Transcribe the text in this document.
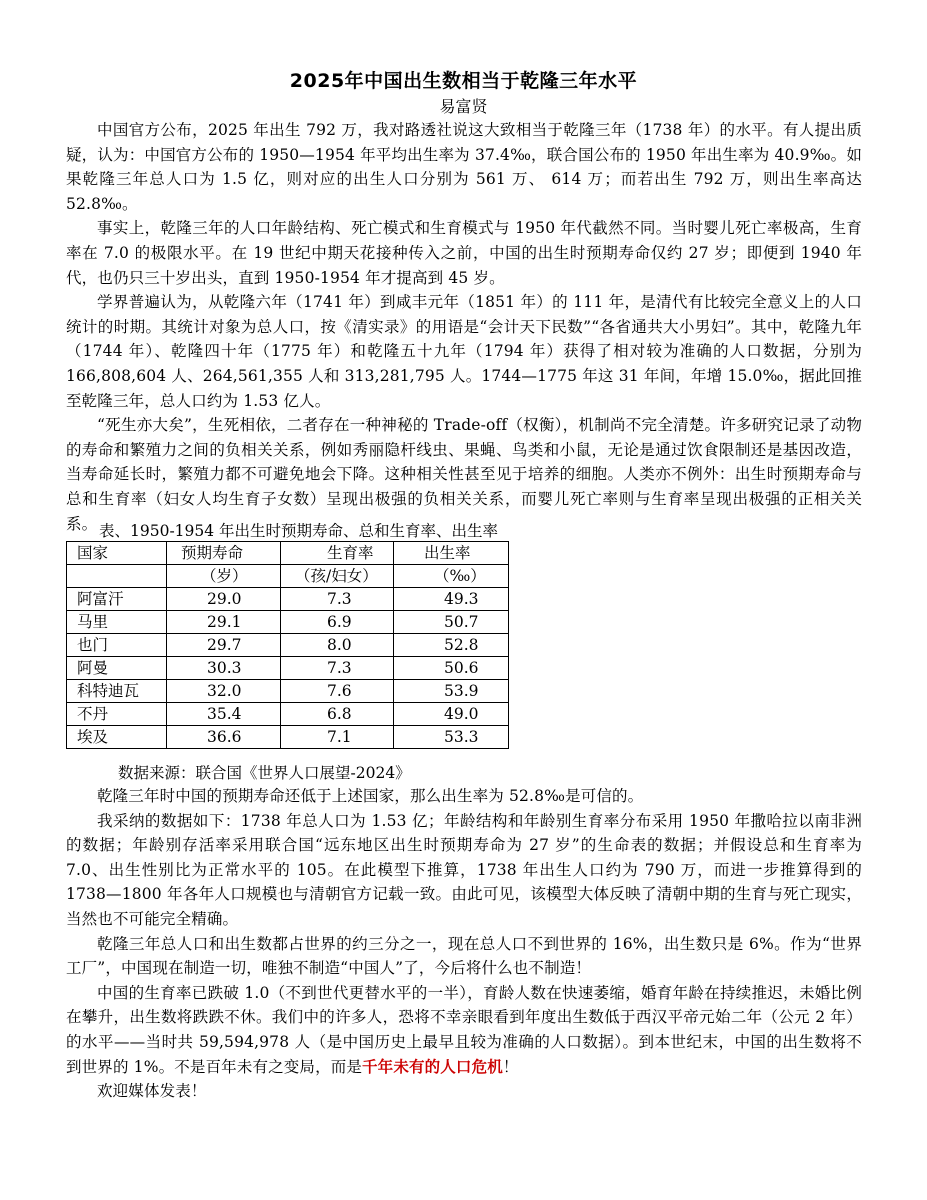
2025年中国出生数相当于乾隆三年水平
易富贤

中国官方公布，2025 年出生 792 万，我对路透社说这大致相当于乾隆三年（1738 年）的水平。有人提出质疑，认为：中国官方公布的 1950—1954 年平均出生率为 37.4‰，联合国公布的 1950 年出生率为 40.9‰。如果乾隆三年总人口为 1.5 亿，则对应的出生人口分别为 561 万、 614 万；而若出生 792 万，则出生率高达 52.8‰。

事实上，乾隆三年的人口年龄结构、死亡模式和生育模式与 1950 年代截然不同。当时婴儿死亡率极高，生育率在 7.0 的极限水平。在 19 世纪中期天花接种传入之前，中国的出生时预期寿命仅约 27 岁；即便到 1940 年代，也仍只三十岁出头，直到 1950-1954 年才提高到 45 岁。

学界普遍认为，从乾隆六年（1741 年）到咸丰元年（1851 年）的 111 年，是清代有比较完全意义上的人口统计的时期。其统计对象为总人口，按《清实录》的用语是“会计天下民数”“各省通共大小男妇”。其中，乾隆九年（1744 年）、乾隆四十年（1775 年）和乾隆五十九年（1794 年）获得了相对较为准确的人口数据，分别为 166,808,604 人、264,561,355 人和 313,281,795 人。1744—1775 年这 31 年间，年增 15.0‰，据此回推至乾隆三年，总人口约为 1.53 亿人。

“死生亦大矣”，生死相依，二者存在一种神秘的 Trade-off（权衡），机制尚不完全清楚。许多研究记录了动物的寿命和繁殖力之间的负相关关系，例如秀丽隐杆线虫、果蝇、鸟类和小鼠，无论是通过饮食限制还是基因改造，当寿命延长时，繁殖力都不可避免地会下降。这种相关性甚至见于培养的细胞。人类亦不例外：出生时预期寿命与总和生育率（妇女人均生育子女数）呈现出极强的负相关关系，而婴儿死亡率则与生育率呈现出极强的正相关关系。 表、1950-1954 年出生时预期寿命、总和生育率、出生率
国家	预期寿命	生育率	出生率
	（岁）	（孩/妇女）	（‰）
阿富汗	29.0	7.3	49.3
马里	29.1	6.9	50.7
也门	29.7	8.0	52.8
阿曼	30.3	7.3	50.6
科特迪瓦	32.0	7.6	53.9
不丹	35.4	6.8	49.0
埃及	36.6	7.1	53.3
数据来源：联合国《世界人口展望-2024》

乾隆三年时中国的预期寿命还低于上述国家，那么出生率为 52.8‰是可信的。

我采纳的数据如下：1738 年总人口为 1.53 亿；年龄结构和年龄别生育率分布采用 1950 年撒哈拉以南非洲的数据；年龄别存活率采用联合国“远东地区出生时预期寿命为 27 岁”的生命表的数据；并假设总和生育率为 7.0、出生性别比为正常水平的 105。在此模型下推算，1738 年出生人口约为 790 万，而进一步推算得到的 1738—1800 年各年人口规模也与清朝官方记载一致。由此可见，该模型大体反映了清朝中期的生育与死亡现实，当然也不可能完全精确。

乾隆三年总人口和出生数都占世界的约三分之一，现在总人口不到世界的 16%，出生数只是 6%。作为“世界工厂”，中国现在制造一切，唯独不制造“中国人”了，今后将什么也不制造！

中国的生育率已跌破 1.0（不到世代更替水平的一半），育龄人数在快速萎缩，婚育年龄在持续推迟，未婚比例在攀升，出生数将跌跌不休。我们中的许多人，恐将不幸亲眼看到年度出生数低于西汉平帝元始二年（公元 2 年）的水平——当时共 59,594,978 人（是中国历史上最早且较为准确的人口数据）。到本世纪末，中国的出生数将不到世界的 1%。不是百年未有之变局，而是千年未有的人口危机！

欢迎媒体发表！
